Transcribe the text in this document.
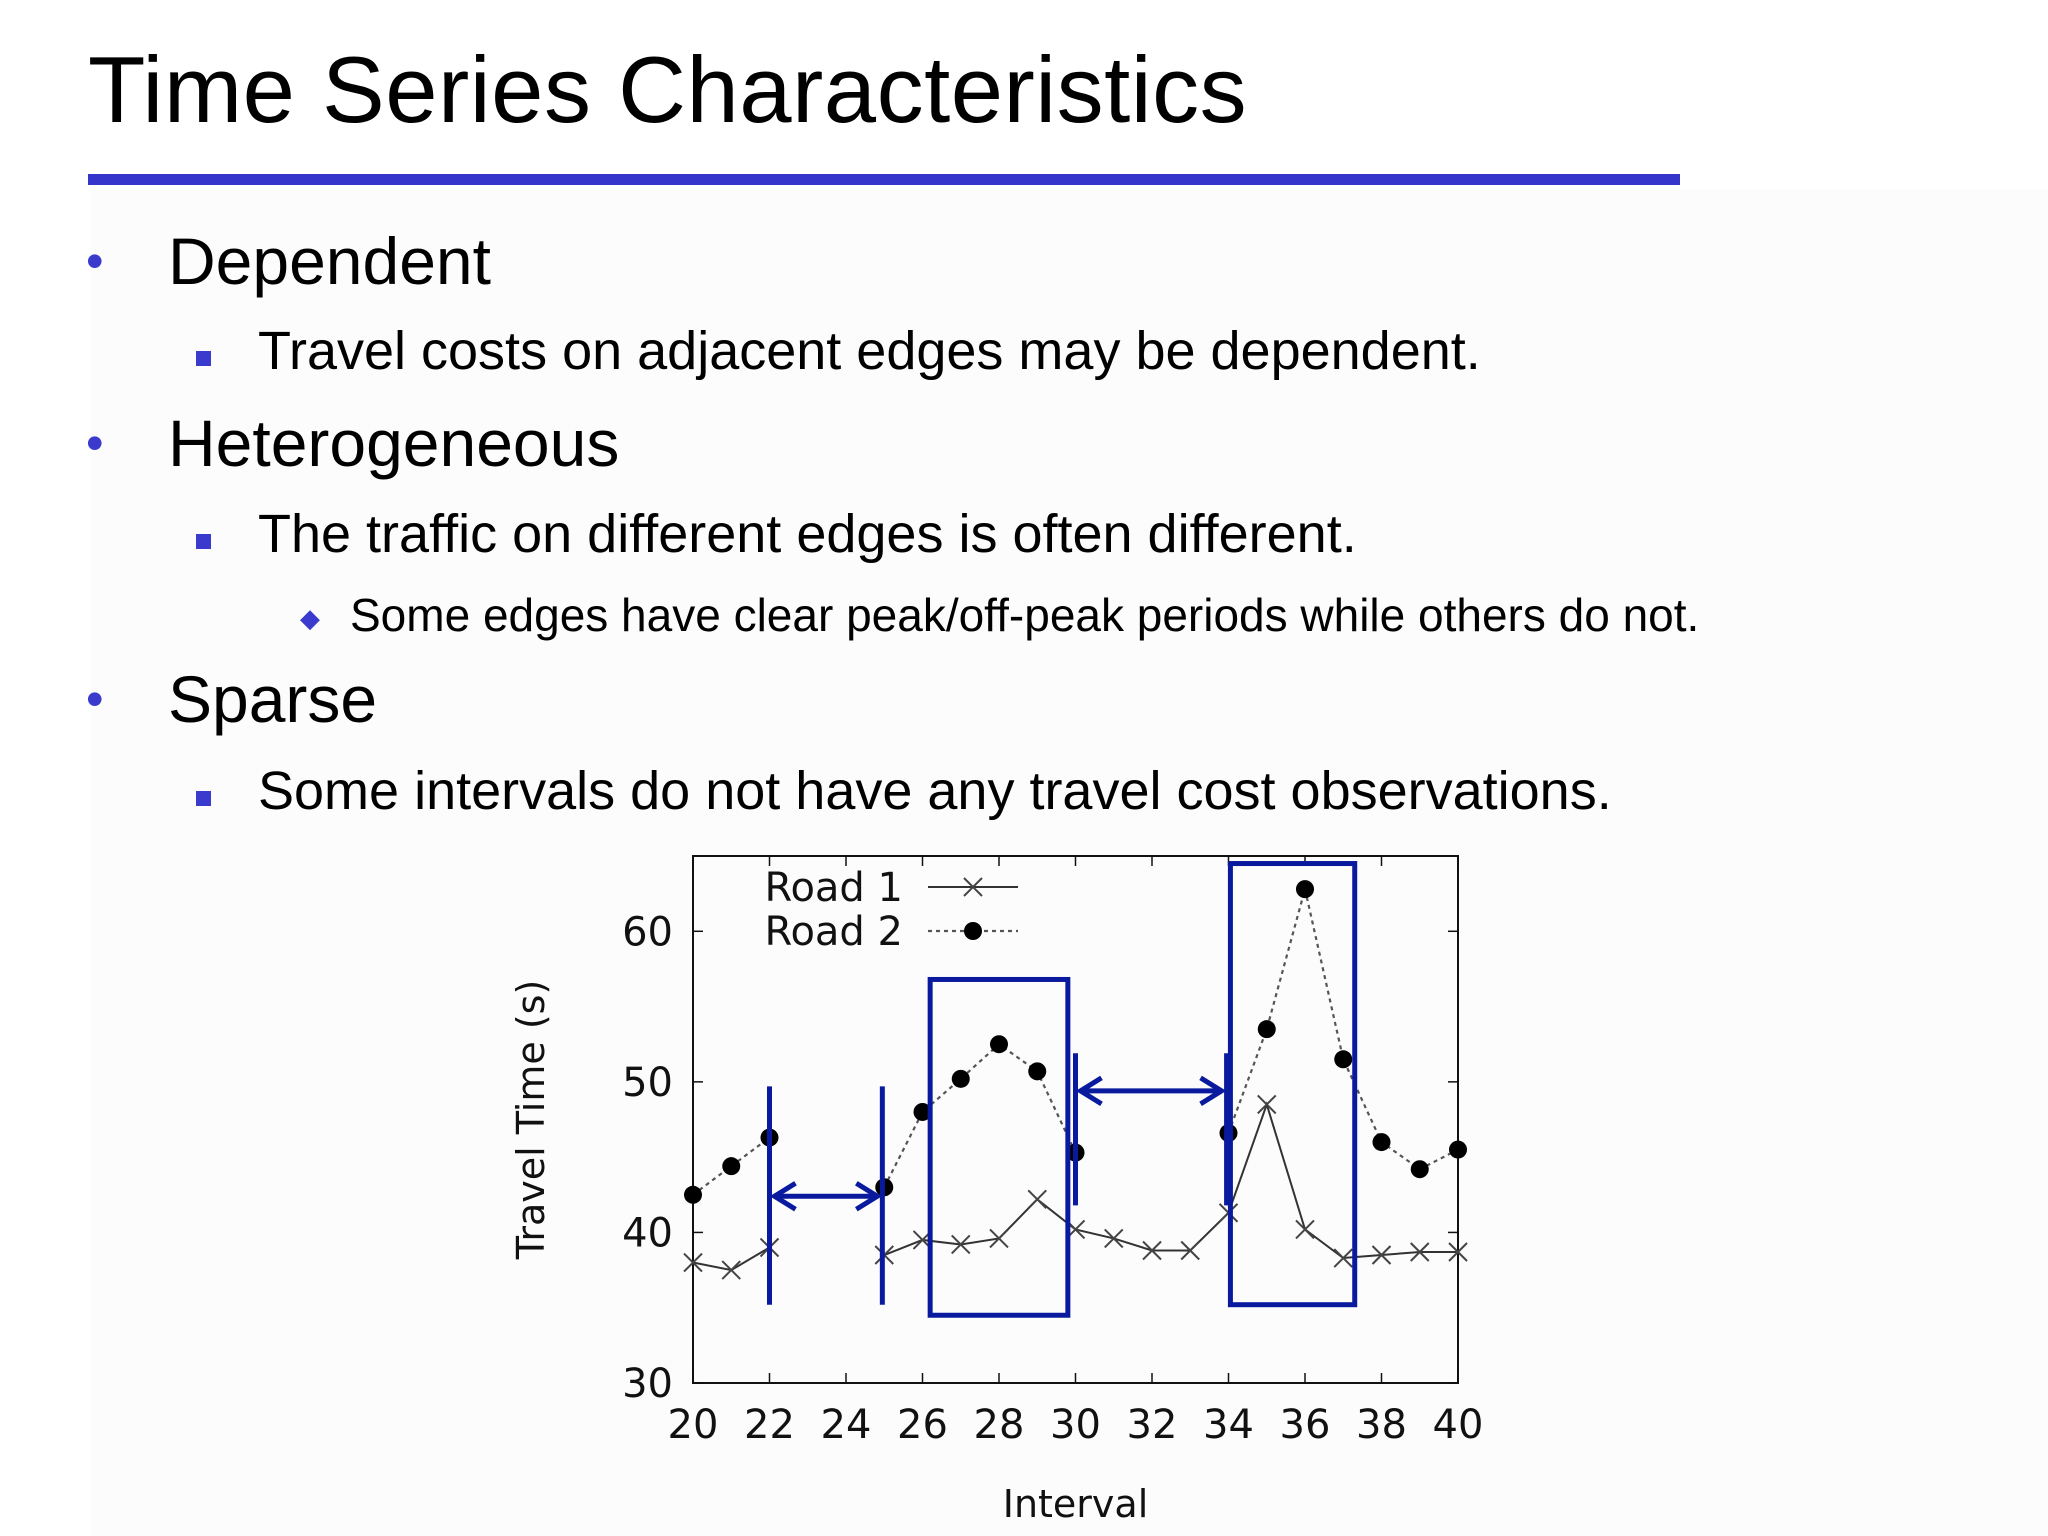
Time Series Characteristics
• Dependent
Travel costs on adjacent edges may be dependent.
• Heterogeneous
The traffic on different edges is often different.
◆ Some edges have clear peak/off-peak periods while others do not.
• Sparse
Some intervals do not have any travel cost observations.
20 22 24 26 28 30 32 34 36 38 40
30
40
50
60
Interval
Travel Time (s)
Road 1
Road 2
